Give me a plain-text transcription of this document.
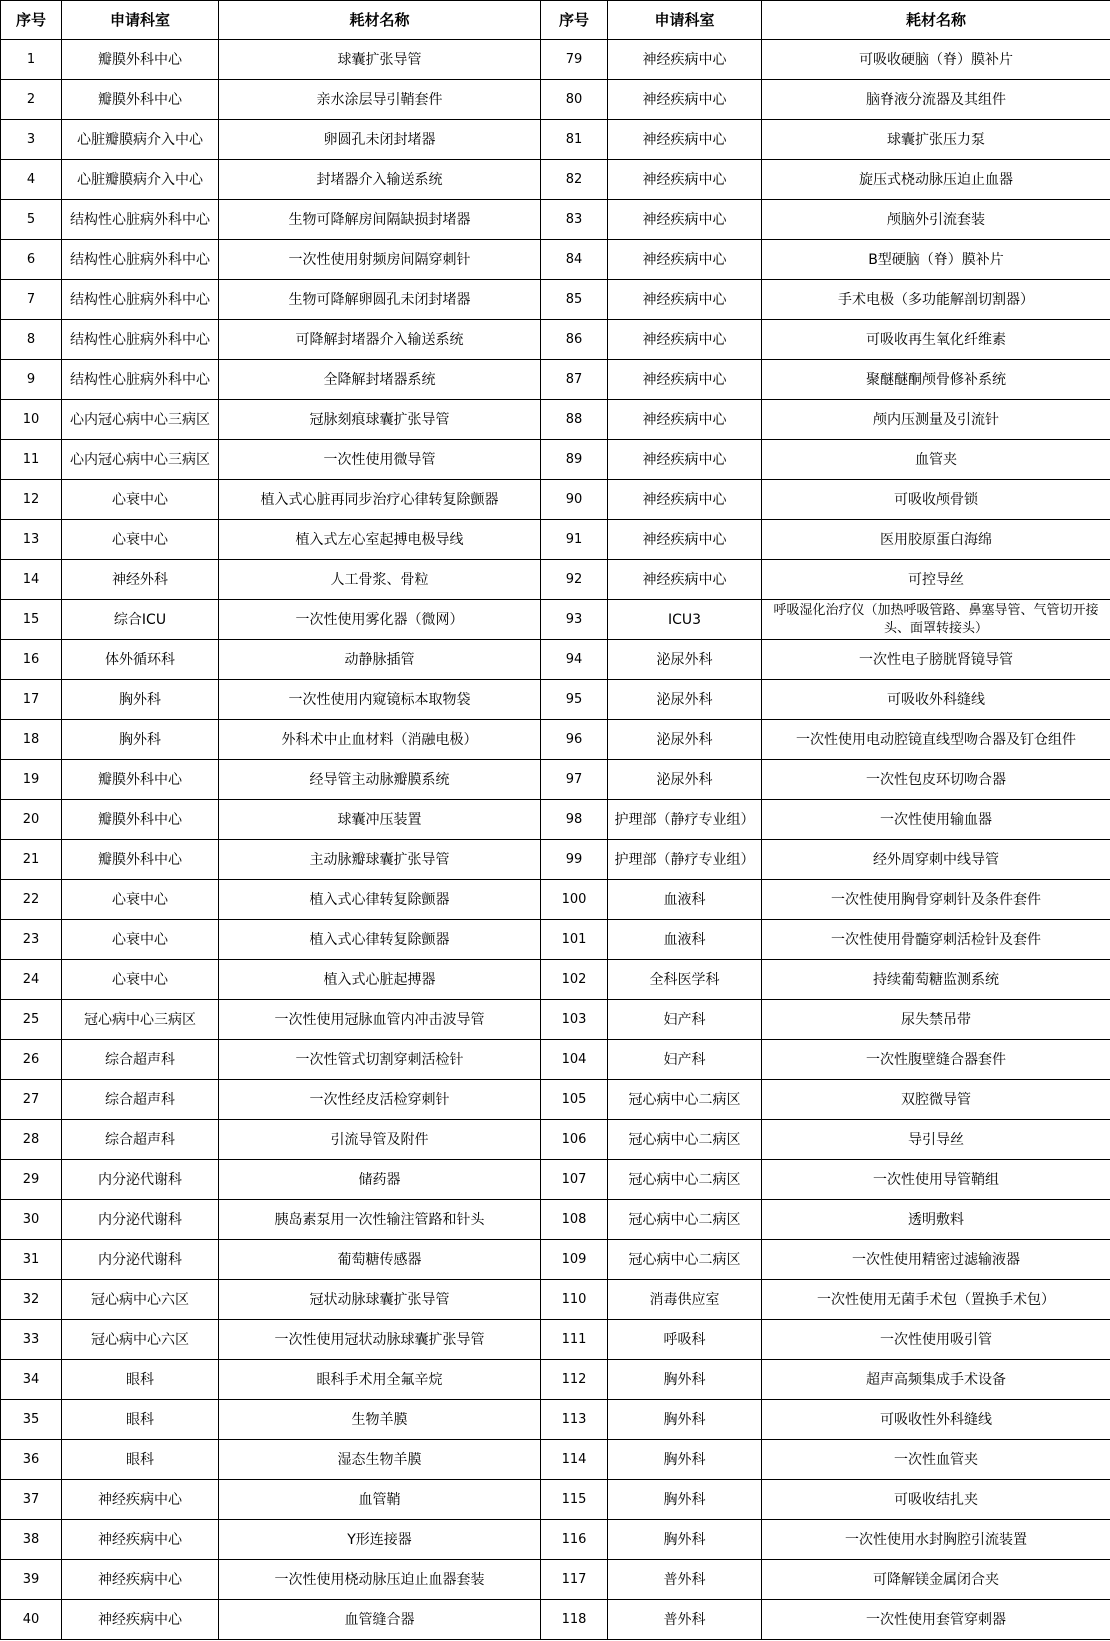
序号	申请科室	耗材名称	序号	申请科室	耗材名称
1	瓣膜外科中心	球囊扩张导管	79	神经疾病中心	可吸收硬脑（脊）膜补片
2	瓣膜外科中心	亲水涂层导引鞘套件	80	神经疾病中心	脑脊液分流器及其组件
3	心脏瓣膜病介入中心	卵圆孔未闭封堵器	81	神经疾病中心	球囊扩张压力泵
4	心脏瓣膜病介入中心	封堵器介入输送系统	82	神经疾病中心	旋压式桡动脉压迫止血器
5	结构性心脏病外科中心	生物可降解房间隔缺损封堵器	83	神经疾病中心	颅脑外引流套装
6	结构性心脏病外科中心	一次性使用射频房间隔穿刺针	84	神经疾病中心	B型硬脑（脊）膜补片
7	结构性心脏病外科中心	生物可降解卵圆孔未闭封堵器	85	神经疾病中心	手术电极（多功能解剖切割器）
8	结构性心脏病外科中心	可降解封堵器介入输送系统	86	神经疾病中心	可吸收再生氧化纤维素
9	结构性心脏病外科中心	全降解封堵器系统	87	神经疾病中心	聚醚醚酮颅骨修补系统
10	心内冠心病中心三病区	冠脉刻痕球囊扩张导管	88	神经疾病中心	颅内压测量及引流针
11	心内冠心病中心三病区	一次性使用微导管	89	神经疾病中心	血管夹
12	心衰中心	植入式心脏再同步治疗心律转复除颤器	90	神经疾病中心	可吸收颅骨锁
13	心衰中心	植入式左心室起搏电极导线	91	神经疾病中心	医用胶原蛋白海绵
14	神经外科	人工骨浆、骨粒	92	神经疾病中心	可控导丝
15	综合ICU	一次性使用雾化器（微网）	93	ICU3	呼吸湿化治疗仪（加热呼吸管路、鼻塞导管、气管切开接头、面罩转接头）
16	体外循环科	动静脉插管	94	泌尿外科	一次性电子膀胱肾镜导管
17	胸外科	一次性使用内窥镜标本取物袋	95	泌尿外科	可吸收外科缝线
18	胸外科	外科术中止血材料（消融电极）	96	泌尿外科	一次性使用电动腔镜直线型吻合器及钉仓组件
19	瓣膜外科中心	经导管主动脉瓣膜系统	97	泌尿外科	一次性包皮环切吻合器
20	瓣膜外科中心	球囊冲压装置	98	护理部（静疗专业组）	一次性使用输血器
21	瓣膜外科中心	主动脉瓣球囊扩张导管	99	护理部（静疗专业组）	经外周穿刺中线导管
22	心衰中心	植入式心律转复除颤器	100	血液科	一次性使用胸骨穿刺针及条件套件
23	心衰中心	植入式心律转复除颤器	101	血液科	一次性使用骨髓穿刺活检针及套件
24	心衰中心	植入式心脏起搏器	102	全科医学科	持续葡萄糖监测系统
25	冠心病中心三病区	一次性使用冠脉血管内冲击波导管	103	妇产科	尿失禁吊带
26	综合超声科	一次性管式切割穿刺活检针	104	妇产科	一次性腹壁缝合器套件
27	综合超声科	一次性经皮活检穿刺针	105	冠心病中心二病区	双腔微导管
28	综合超声科	引流导管及附件	106	冠心病中心二病区	导引导丝
29	内分泌代谢科	储药器	107	冠心病中心二病区	一次性使用导管鞘组
30	内分泌代谢科	胰岛素泵用一次性输注管路和针头	108	冠心病中心二病区	透明敷料
31	内分泌代谢科	葡萄糖传感器	109	冠心病中心二病区	一次性使用精密过滤输液器
32	冠心病中心六区	冠状动脉球囊扩张导管	110	消毒供应室	一次性使用无菌手术包（置换手术包）
33	冠心病中心六区	一次性使用冠状动脉球囊扩张导管	111	呼吸科	一次性使用吸引管
34	眼科	眼科手术用全氟辛烷	112	胸外科	超声高频集成手术设备
35	眼科	生物羊膜	113	胸外科	可吸收性外科缝线
36	眼科	湿态生物羊膜	114	胸外科	一次性血管夹
37	神经疾病中心	血管鞘	115	胸外科	可吸收结扎夹
38	神经疾病中心	Y形连接器	116	胸外科	一次性使用水封胸腔引流装置
39	神经疾病中心	一次性使用桡动脉压迫止血器套装	117	普外科	可降解镁金属闭合夹
40	神经疾病中心	血管缝合器	118	普外科	一次性使用套管穿刺器
